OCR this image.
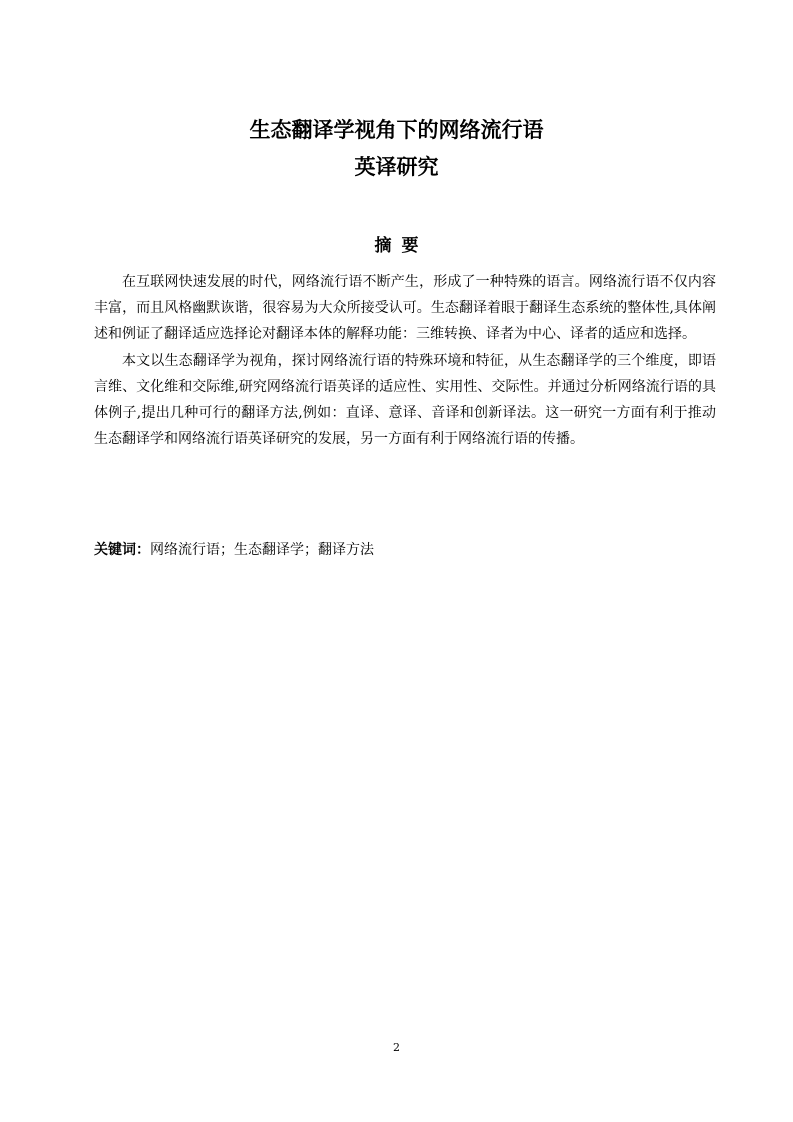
生态翻译学视角下的网络流行语
英译研究
摘要

在互联网快速发展的时代，网络流行语不断产生，形成了一种特殊的语言。网络流行语不仅内容丰富，而且风格幽默诙谐，很容易为大众所接受认可。生态翻译着眼于翻译生态系统的整体性,具体阐述和例证了翻译适应选择论对翻译本体的解释功能：三维转换、译者为中心、译者的适应和选择。

本文以生态翻译学为视角，探讨网络流行语的特殊环境和特征，从生态翻译学的三个维度，即语言维、文化维和交际维,研究网络流行语英译的适应性、实用性、交际性。并通过分析网络流行语的具体例子,提出几种可行的翻译方法,例如：直译、意译、音译和创新译法。这一研究一方面有利于推动生态翻译学和网络流行语英译研究的发展，另一方面有利于网络流行语的传播。

关键词：网络流行语；生态翻译学；翻译方法

2
